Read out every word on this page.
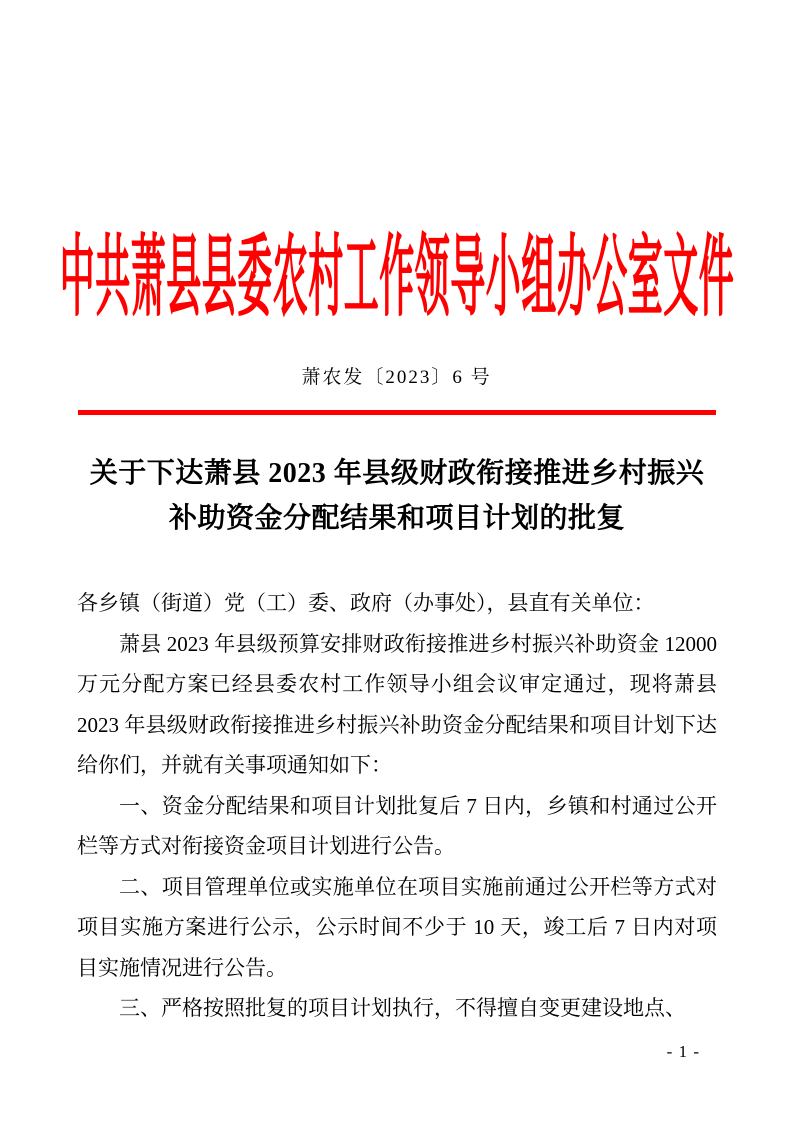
中共萧县县委农村工作领导小组办公室文件
萧农发〔2023〕6 号
关于下达萧县 2023 年县级财政衔接推进乡村振兴
补助资金分配结果和项目计划的批复

各乡镇（街道）党（工）委、政府（办事处），县直有关单位：

萧县 2023 年县级预算安排财政衔接推进乡村振兴补助资金 12000 万元分配方案已经县委农村工作领导小组会议审定通过，现将萧县 2023 年县级财政衔接推进乡村振兴补助资金分配结果和项目计划下达给你们，并就有关事项通知如下：

一、资金分配结果和项目计划批复后 7 日内，乡镇和村通过公开栏等方式对衔接资金项目计划进行公告。

二、项目管理单位或实施单位在项目实施前通过公开栏等方式对项目实施方案进行公示，公示时间不少于 10 天，竣工后 7 日内对项目实施情况进行公告。

三、严格按照批复的项目计划执行，不得擅自变更建设地点、

- 1 -
